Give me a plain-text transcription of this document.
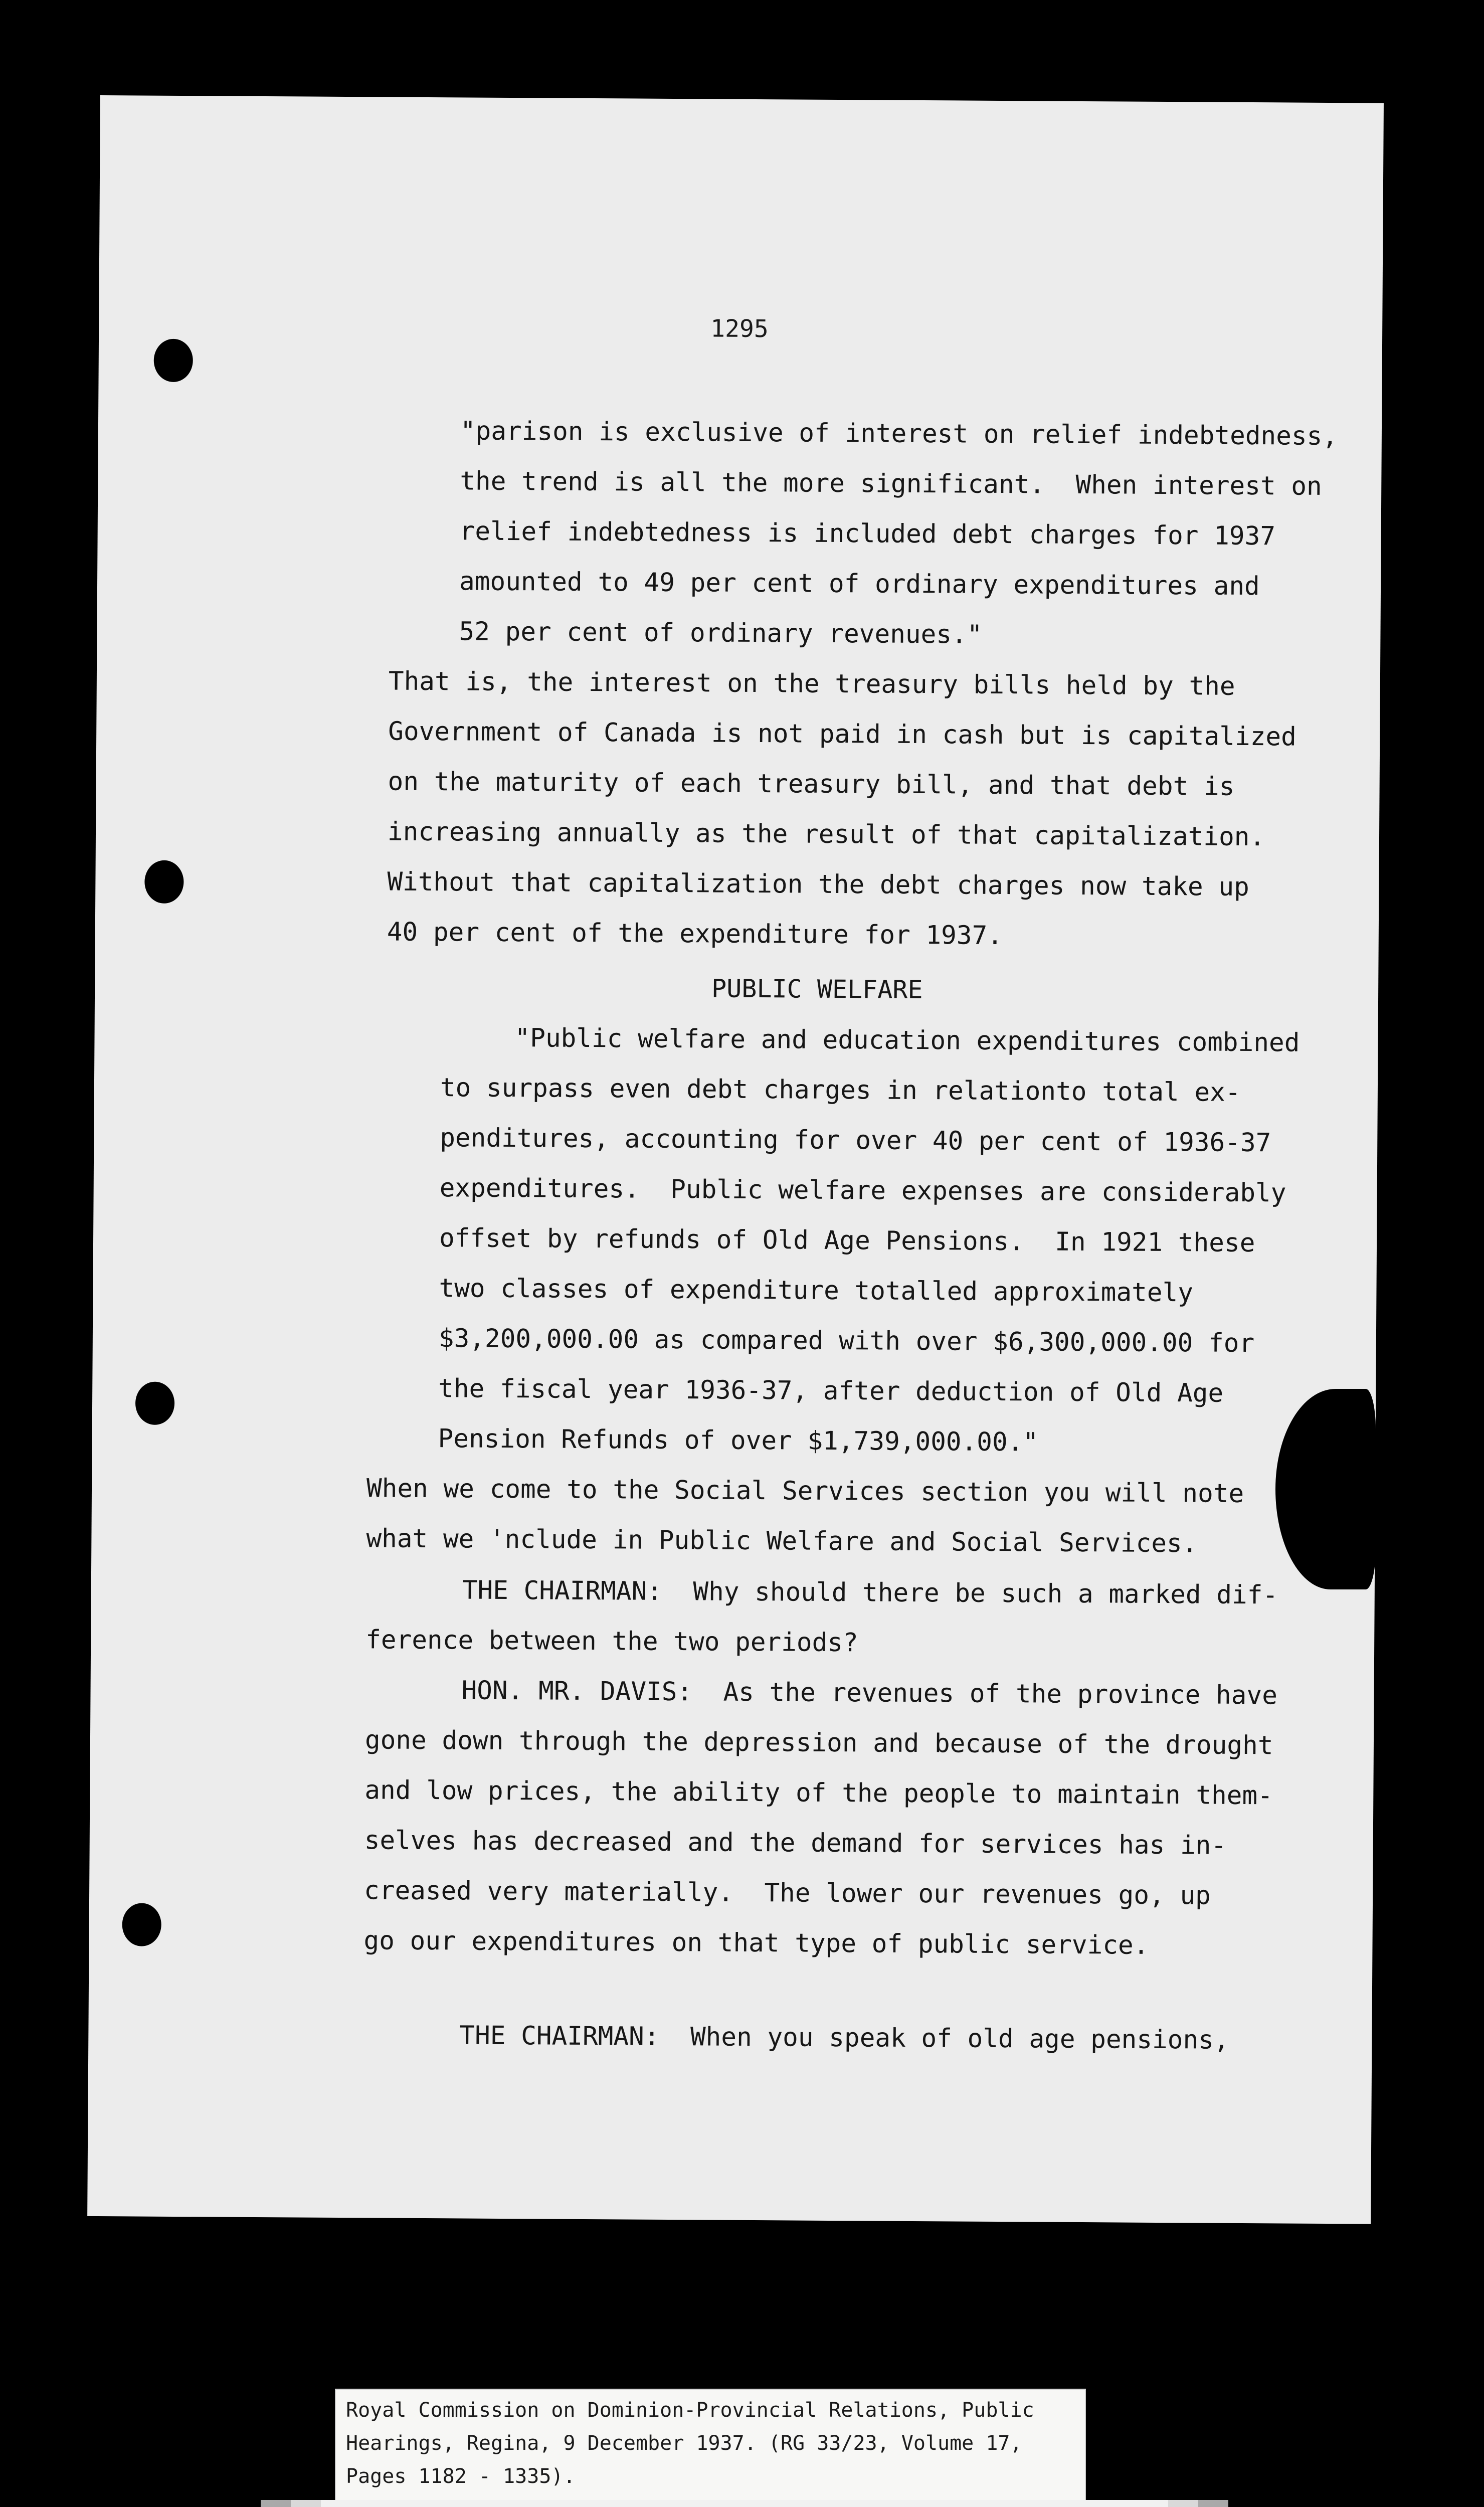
1295
"parison is exclusive of interest on relief indebtedness,
the trend is all the more significant.  When interest on
relief indebtedness is included debt charges for 1937
amounted to 49 per cent of ordinary expenditures and
52 per cent of ordinary revenues."
That is, the interest on the treasury bills held by the
Government of Canada is not paid in cash but is capitalized
on the maturity of each treasury bill, and that debt is
increasing annually as the result of that capitalization.
Without that capitalization the debt charges now take up
40 per cent of the expenditure for 1937.
PUBLIC WELFARE
"Public welfare and education expenditures combined
to surpass even debt charges in relationto total ex-
penditures, accounting for over 40 per cent of 1936-37
expenditures.  Public welfare expenses are considerably
offset by refunds of Old Age Pensions.  In 1921 these
two classes of expenditure totalled approximately
$3,200,000.00 as compared with over $6,300,000.00 for
the fiscal year 1936-37, after deduction of Old Age
Pension Refunds of over $1,739,000.00."
When we come to the Social Services section you will note
what we 'nclude in Public Welfare and Social Services.
THE CHAIRMAN:  Why should there be such a marked dif-
ference between the two periods?
HON. MR. DAVIS:  As the revenues of the province have
gone down through the depression and because of the drought
and low prices, the ability of the people to maintain them-
selves has decreased and the demand for services has in-
creased very materially.  The lower our revenues go, up
go our expenditures on that type of public service.
THE CHAIRMAN:  When you speak of old age pensions,
Royal Commission on Dominion-Provincial Relations, Public
Hearings, Regina, 9 December 1937. (RG 33/23, Volume 17,
Pages 1182 - 1335).
